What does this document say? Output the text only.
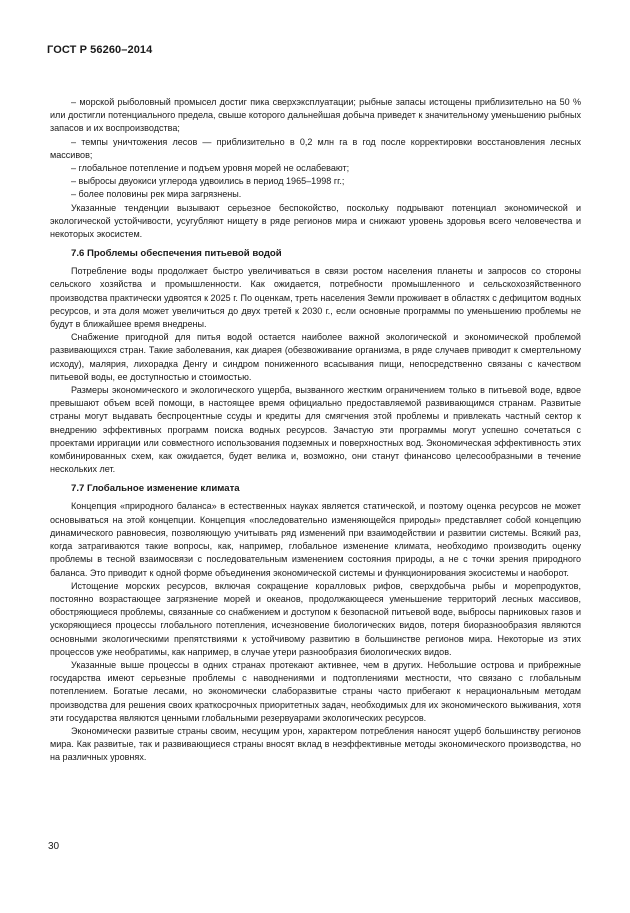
ГОСТ Р 56260–2014

– морской рыболовный промысел достиг пика сверхэксплуатации; рыбные запасы истощены приблизительно на 50 % или достигли потенциального предела, свыше которого дальнейшая добыча приведет к значительному уменьшению рыбных запасов и их воспроизводства;

– темпы уничтожения лесов — приблизительно в 0,2 млн га в год после корректировки восстановления лесных массивов;

– глобальное потепление и подъем уровня морей не ослабевают;

– выбросы двуокиси углерода удвоились в период 1965–1998 гг.;

– более половины рек мира загрязнены.

Указанные тенденции вызывают серьезное беспокойство, поскольку подрывают потенциал экономической и экологической устойчивости, усугубляют нищету в ряде регионов мира и снижают уровень здоровья всего человечества и некоторых экосистем.

7.6 Проблемы обеспечения питьевой водой

Потребление воды продолжает быстро увеличиваться в связи ростом населения планеты и запросов со стороны сельского хозяйства и промышленности. Как ожидается, потребности промышленного и сельскохозяйственного производства практически удвоятся к 2025 г. По оценкам, треть населения Земли проживает в областях с дефицитом водных ресурсов, и эта доля может увеличиться до двух третей к 2030 г., если основные программы по уменьшению проблемы не будут в ближайшее время внедрены.

Снабжение пригодной для питья водой остается наиболее важной экологической и экономической проблемой развивающихся стран. Такие заболевания, как диарея (обезвоживание организма, в ряде случаев приводит к смертельному исходу), малярия, лихорадка Денгу и синдром пониженного всасывания пищи, непосредственно связаны с качеством питьевой воды, ее доступностью и стоимостью.

Размеры экономического и экологического ущерба, вызванного жестким ограничением только в питьевой воде, вдвое превышают объем всей помощи, в настоящее время официально предоставляемой развивающимся странам. Развитые страны могут выдавать беспроцентные ссуды и кредиты для смягчения этой проблемы и привлекать частный сектор к внедрению эффективных программ поиска водных ресурсов. Зачастую эти программы могут успешно сочетаться с проектами ирригации или совместного использования подземных и поверхностных вод. Экономическая эффективность этих комбинированных схем, как ожидается, будет велика и, возможно, они станут финансово целесообразными в течение нескольких лет.

7.7 Глобальное изменение климата

Концепция «природного баланса» в естественных науках является статической, и поэтому оценка ресурсов не может основываться на этой концепции. Концепция «последовательно изменяющейся природы» представляет собой концепцию динамического равновесия, позволяющую учитывать ряд изменений при взаимодействии и развитии системы. Всякий раз, когда затрагиваются такие вопросы, как, например, глобальное изменение климата, необходимо производить оценку проблемы в тесной взаимосвязи с последовательным изменением состояния природы, а не с точки зрения природного баланса. Это приводит к одной форме объединения экономической системы и функционирования экосистемы и наоборот.

Истощение морских ресурсов, включая сокращение коралловых рифов, сверхдобыча рыбы и морепродуктов, постоянно возрастающее загрязнение морей и океанов, продолжающееся уменьшение территорий лесных массивов, обостряющиеся проблемы, связанные со снабжением и доступом к безопасной питьевой воде, выбросы парниковых газов и ускоряющиеся процессы глобального потепления, исчезновение биологических видов, потеря биоразнообразия являются основными экологическими препятствиями к устойчивому развитию в большинстве регионов мира. Некоторые из этих процессов уже необратимы, как например, в случае утери разнообразия биологических видов.

Указанные выше процессы в одних странах протекают активнее, чем в других. Небольшие острова и прибрежные государства имеют серьезные проблемы с наводнениями и подтоплениями местности, что связано с глобальным потеплением. Богатые лесами, но экономически слаборазвитые страны часто прибегают к нерациональным методам производства для решения своих краткосрочных приоритетных задач, необходимых для их экономического выживания, хотя эти государства являются ценными глобальными резервуарами экологических ресурсов.

Экономически развитые страны своим, несущим урон, характером потребления наносят ущерб большинству регионов мира. Как развитые, так и развивающиеся страны вносят вклад в неэффективные методы экономического производства, но на различных уровнях.

30
